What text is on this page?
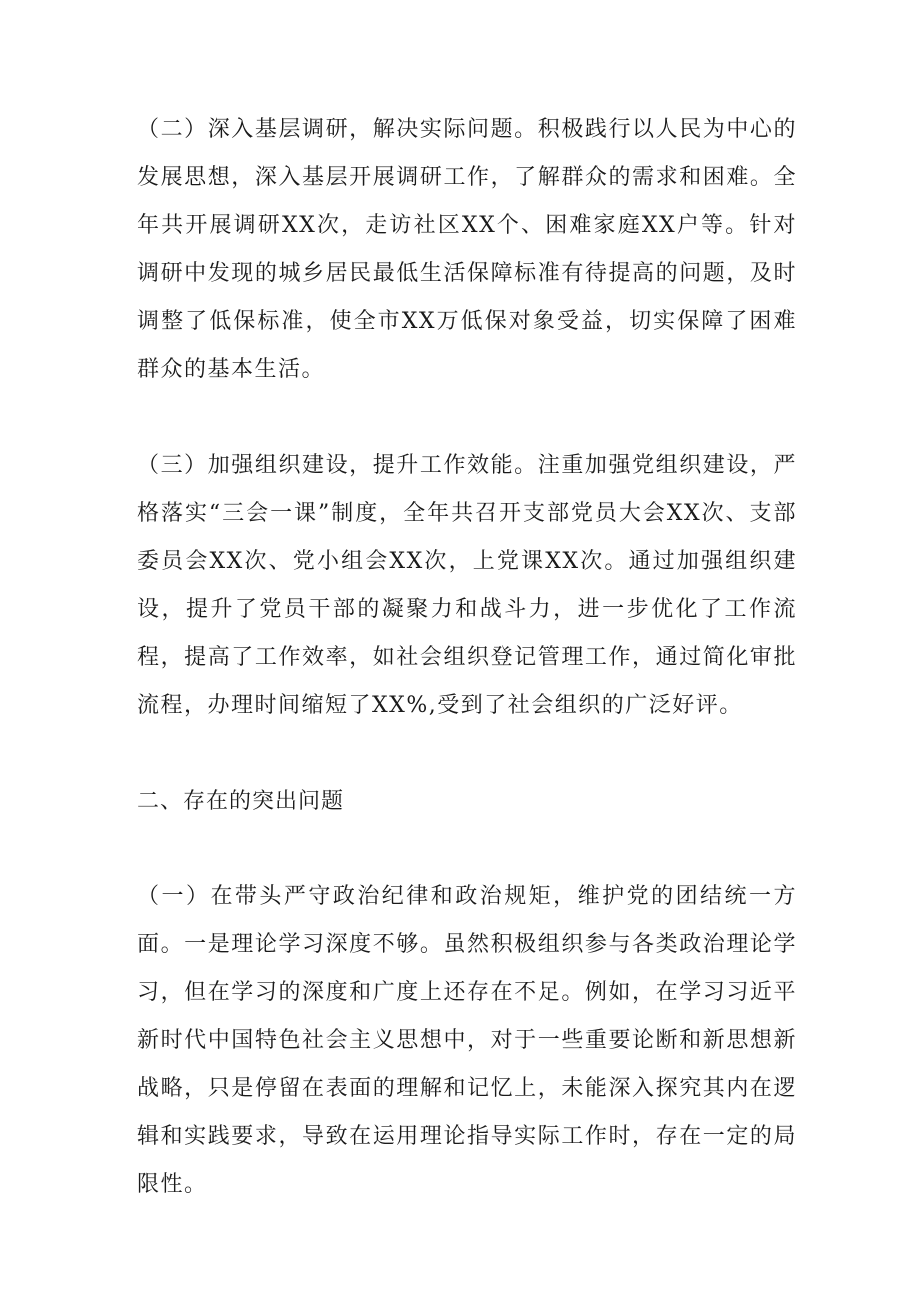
（二）深入基层调研，解决实际问题。积极践行以人民为中心的发展思想，深入基层开展调研工作，了解群众的需求和困难。全年共开展调研XX次，走访社区XX个、困难家庭XX户等。针对调研中发现的城乡居民最低生活保障标准有待提高的问题，及时调整了低保标准，使全市XX万低保对象受益，切实保障了困难群众的基本生活。

（三）加强组织建设，提升工作效能。注重加强党组织建设，严格落实“三会一课”制度，全年共召开支部党员大会XX次、支部委员会XX次、党小组会XX次，上党课XX次。通过加强组织建设，提升了党员干部的凝聚力和战斗力，进一步优化了工作流程，提高了工作效率，如社会组织登记管理工作，通过简化审批流程，办理时间缩短了XX%,受到了社会组织的广泛好评。

二、存在的突出问题

（一）在带头严守政治纪律和政治规矩，维护党的团结统一方面。一是理论学习深度不够。虽然积极组织参与各类政治理论学习，但在学习的深度和广度上还存在不足。例如，在学习习近平新时代中国特色社会主义思想中，对于一些重要论断和新思想新战略，只是停留在表面的理解和记忆上，未能深入探究其内在逻辑和实践要求，导致在运用理论指导实际工作时，存在一定的局限性。
